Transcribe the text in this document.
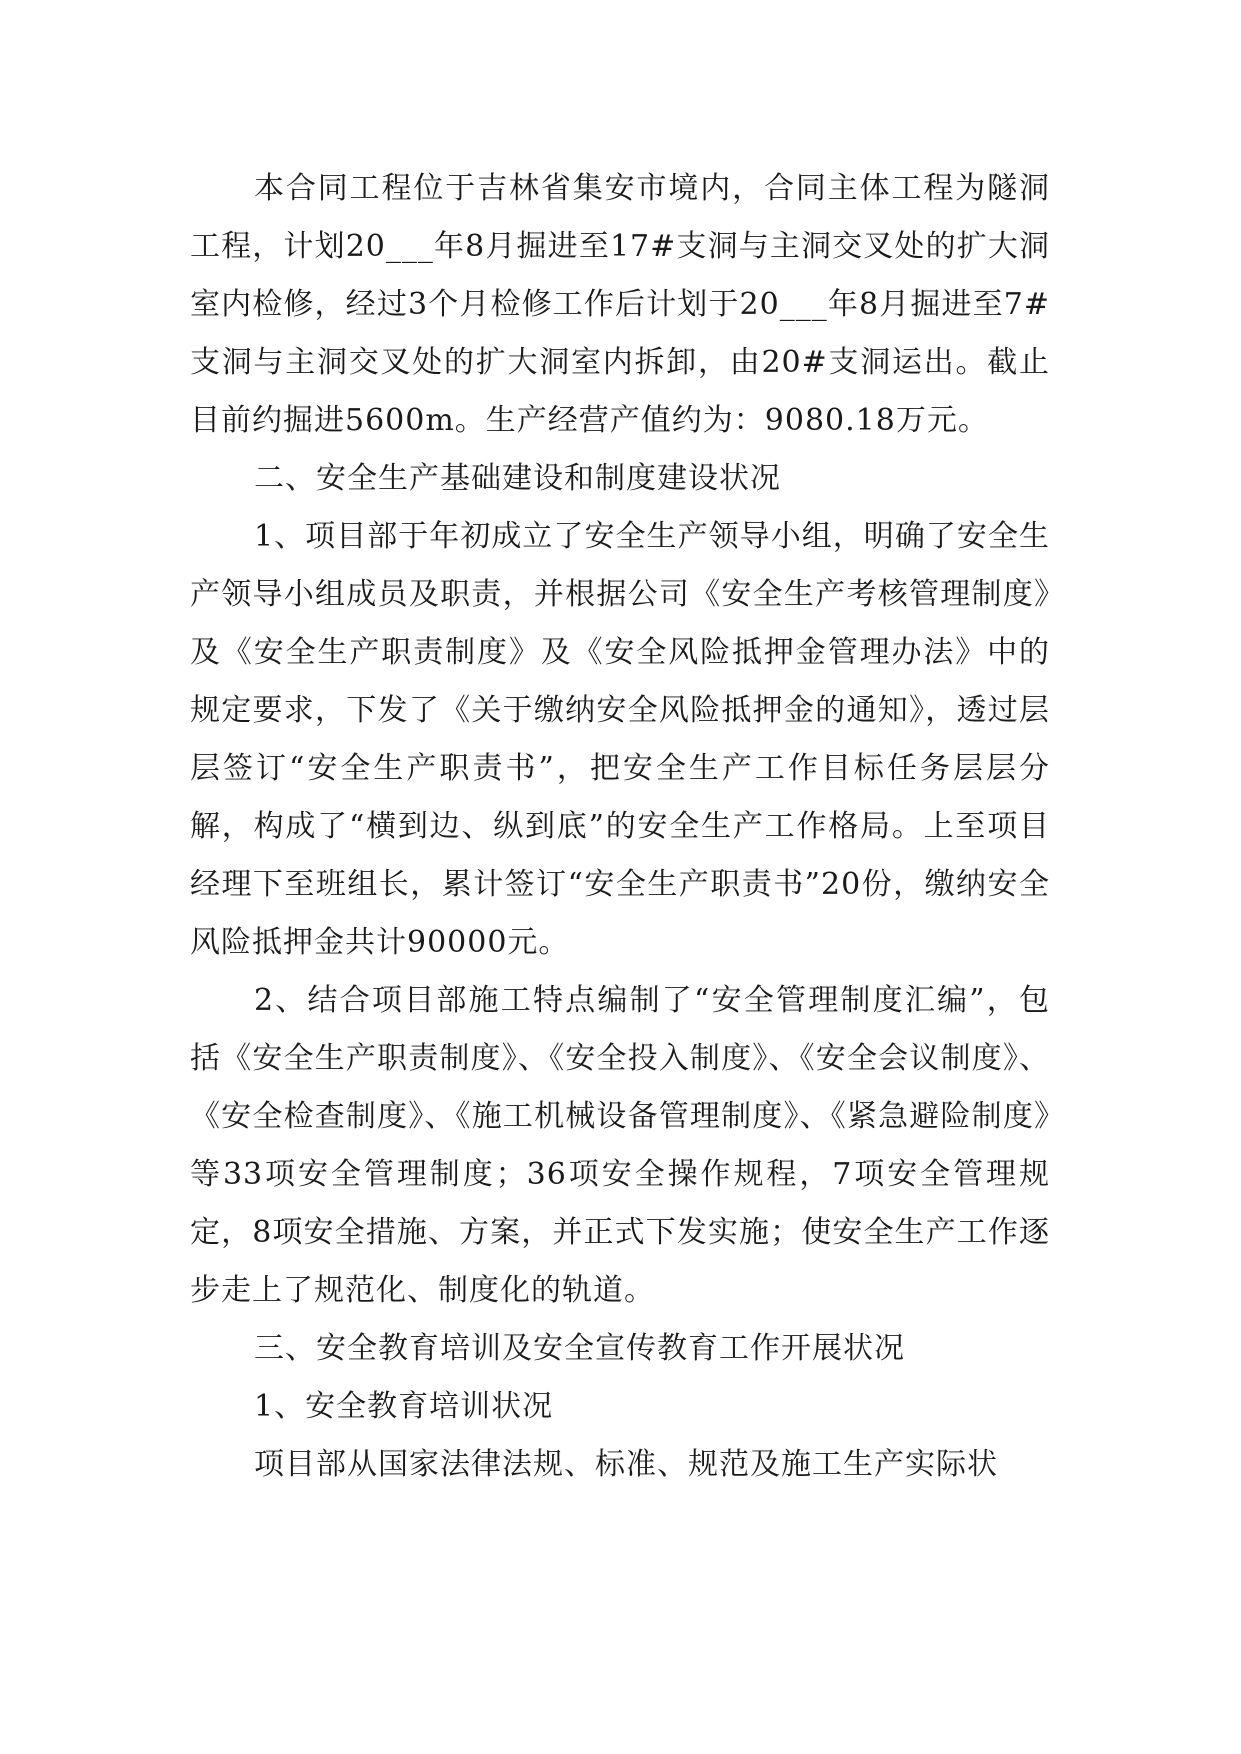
本合同工程位于吉林省集安市境内，合同主体工程为隧洞工程，计划20___年8月掘进至17#支洞与主洞交叉处的扩大洞室内检修，经过3个月检修工作后计划于20___年8月掘进至7#支洞与主洞交叉处的扩大洞室内拆卸，由20#支洞运出。截止目前约掘进5600m。生产经营产值约为：9080.18万元。

二、安全生产基础建设和制度建设状况

1、项目部于年初成立了安全生产领导小组，明确了安全生产领导小组成员及职责，并根据公司《安全生产考核管理制度》及《安全生产职责制度》及《安全风险抵押金管理办法》中的规定要求，下发了《关于缴纳安全风险抵押金的通知》，透过层层签订“安全生产职责书”，把安全生产工作目标任务层层分解，构成了“横到边、纵到底”的安全生产工作格局。上至项目经理下至班组长，累计签订“安全生产职责书”20份，缴纳安全风险抵押金共计90000元。

2、结合项目部施工特点编制了“安全管理制度汇编”，包括《安全生产职责制度》、《安全投入制度》、《安全会议制度》、《安全检查制度》、《施工机械设备管理制度》、《紧急避险制度》等33项安全管理制度；36项安全操作规程，7项安全管理规定，8项安全措施、方案，并正式下发实施；使安全生产工作逐步走上了规范化、制度化的轨道。

三、安全教育培训及安全宣传教育工作开展状况

1、安全教育培训状况

项目部从国家法律法规、标准、规范及施工生产实际状
